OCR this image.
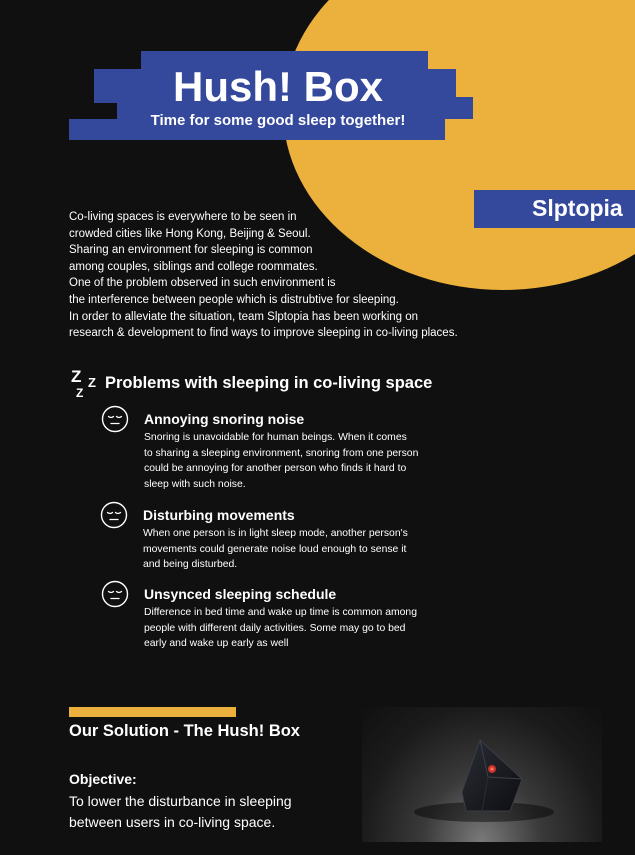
Hush! Box
Time for some good sleep together!
Slptopia
Co-living spaces is everywhere to be seen in
crowded cities like Hong Kong, Beijing & Seoul.
Sharing an environment for sleeping is common
among couples, siblings and college roommates.
One of the problem observed in such environment is
the interference between people which is distrubtive for sleeping.
In order to alleviate the situation, team Slptopia has been working on
research & development to find ways to improve sleeping in co-living places.
Z Z
Z
Problems with sleeping in co-living space
Annoying snoring noise
Snoring is unavoidable for human beings. When it comes
to sharing a sleeping environment, snoring from one person
could be annoying for another person who finds it hard to
sleep with such noise.
Disturbing movements
When one person is in light sleep mode, another person's
movements could generate noise loud enough to sense it
and being disturbed.
Unsynced sleeping schedule
Difference in bed time and wake up time is common among
people with different daily activities. Some may go to bed
early and wake up early as well
Our Solution - The Hush! Box
Objective:
To lower the disturbance in sleeping
between users in co-living space.
